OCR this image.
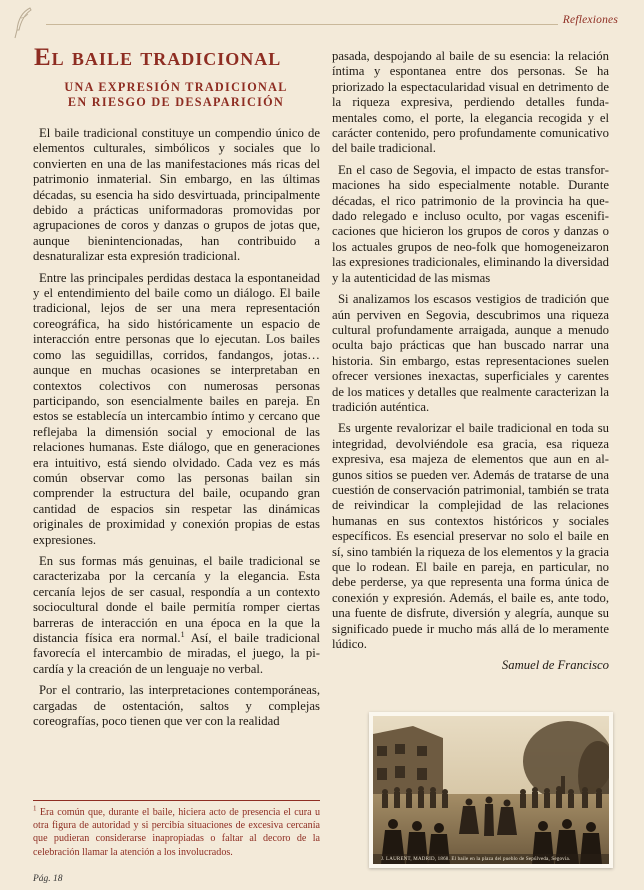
Reflexiones
El baile tradicional
UNA EXPRESIÓN TRADICIONAL
EN RIESGO DE DESAPARICIÓN

El baile tradicional constituye un compendio único de elementos culturales, simbólicos y sociales que lo convierten en una de las manifestaciones más ricas del patrimonio inmaterial. Sin embargo, en las últimas décadas, su esencia ha sido desvirtuada, principalmente debido a prácticas uniformadoras promovidas por agrupaciones de coros y danzas o grupos de jotas que, aunque bienintencionadas, han contribuido a desnaturalizar esta expresión tradicional.

Entre las principales perdidas destaca la espontaneidad y el entendimiento del baile como un diálogo. El baile tradicional, lejos de ser una mera representación coreográfica, ha sido históricamente un espacio de interacción entre personas que lo ejecutan. Los bailes como las seguidillas, corridos, fandangos, jotas… aunque en muchas ocasiones se interpretaban en contextos colectivos con numerosas personas participando, son esencialmente bailes en pareja. En estos se establecía un intercambio íntimo y cercano que reflejaba la dimensión social y emocional de las relaciones humanas. Este diálogo, que en generaciones era intuitivo, está siendo olvidado. Cada vez es más común observar como las personas bailan sin comprender la estructura del baile, ocupando gran cantidad de espacios sin respetar las dinámicas originales de proximidad y conexión propias de estas expresiones.

En sus formas más genuinas, el baile tradicional se caracterizaba por la cercanía y la elegancia. Esta cercanía lejos de ser casual, respondía a un contexto sociocultural donde el baile permitía romper ciertas barreras de interacción en una época en la que la distancia física era normal.$^1$ Así, el baile tradicional favorecía el intercambio de miradas, el juego, la picardía y la creación de un lenguaje no verbal.

Por el contrario, las interpretaciones contemporáneas, cargadas de ostentación, saltos y complejas coreografías, poco tienen que ver con la realidad

pasada, despojando al baile de su esencia: la relación íntima y espontanea entre dos personas. Se ha priorizado la espectacularidad visual en detrimento de la riqueza expresiva, perdiendo detalles fundamentales como, el porte, la elegancia recogida y el carácter contenido, pero profundamente comunicativo del baile tradicional.

En el caso de Segovia, el impacto de estas transformaciones ha sido especialmente notable. Durante décadas, el rico patrimonio de la provincia ha quedado relegado e incluso oculto, por vagas escenificaciones que hicieron los grupos de coros y danzas o los actuales grupos de neo-folk que homogeneizaron las expresiones tradicionales, eliminando la diversidad y la autenticidad de las mismas

Si analizamos los escasos vestigios de tradición que aún perviven en Segovia, descubrimos una riqueza cultural profundamente arraigada, aunque a menudo oculta bajo prácticas que han buscado narrar una historia. Sin embargo, estas representaciones suelen ofrecer versiones inexactas, superficiales y carentes de los matices y detalles que realmente caracterizan la tradición auténtica.

Es urgente revalorizar el baile tradicional en toda su integridad, devolviéndole esa gracia, esa riqueza expresiva, esa majeza de elementos que aun en algunos sitios se pueden ver. Además de tratarse de una cuestión de conservación patrimonial, también se trata de reivindicar la complejidad de las relaciones humanas en sus contextos históricos y sociales específicos. Es esencial preservar no solo el baile en sí, sino también la riqueza de los elementos y la gracia que lo rodean. El baile en pareja, en particular, no debe perderse, ya que representa una forma única de conexión y expresión. Además, el baile es, ante todo, una fuente de disfrute, diversión y alegría, aunque su significado puede ir mucho más allá de lo meramente lúdico.

Samuel de Francisco

$^1$ Era común que, durante el baile, hiciera acto de presencia el cura u otra figura de autoridad y si percibía situaciones de excesiva cercanía que pudieran considerarse inapropiadas o faltar al decoro de la celebración llamar la atención a los involucrados.

Pág. 18
J. LAURENT, MADRID, 1868. El baile en la plaza del pueblo de Sepúlveda, Segovia.
